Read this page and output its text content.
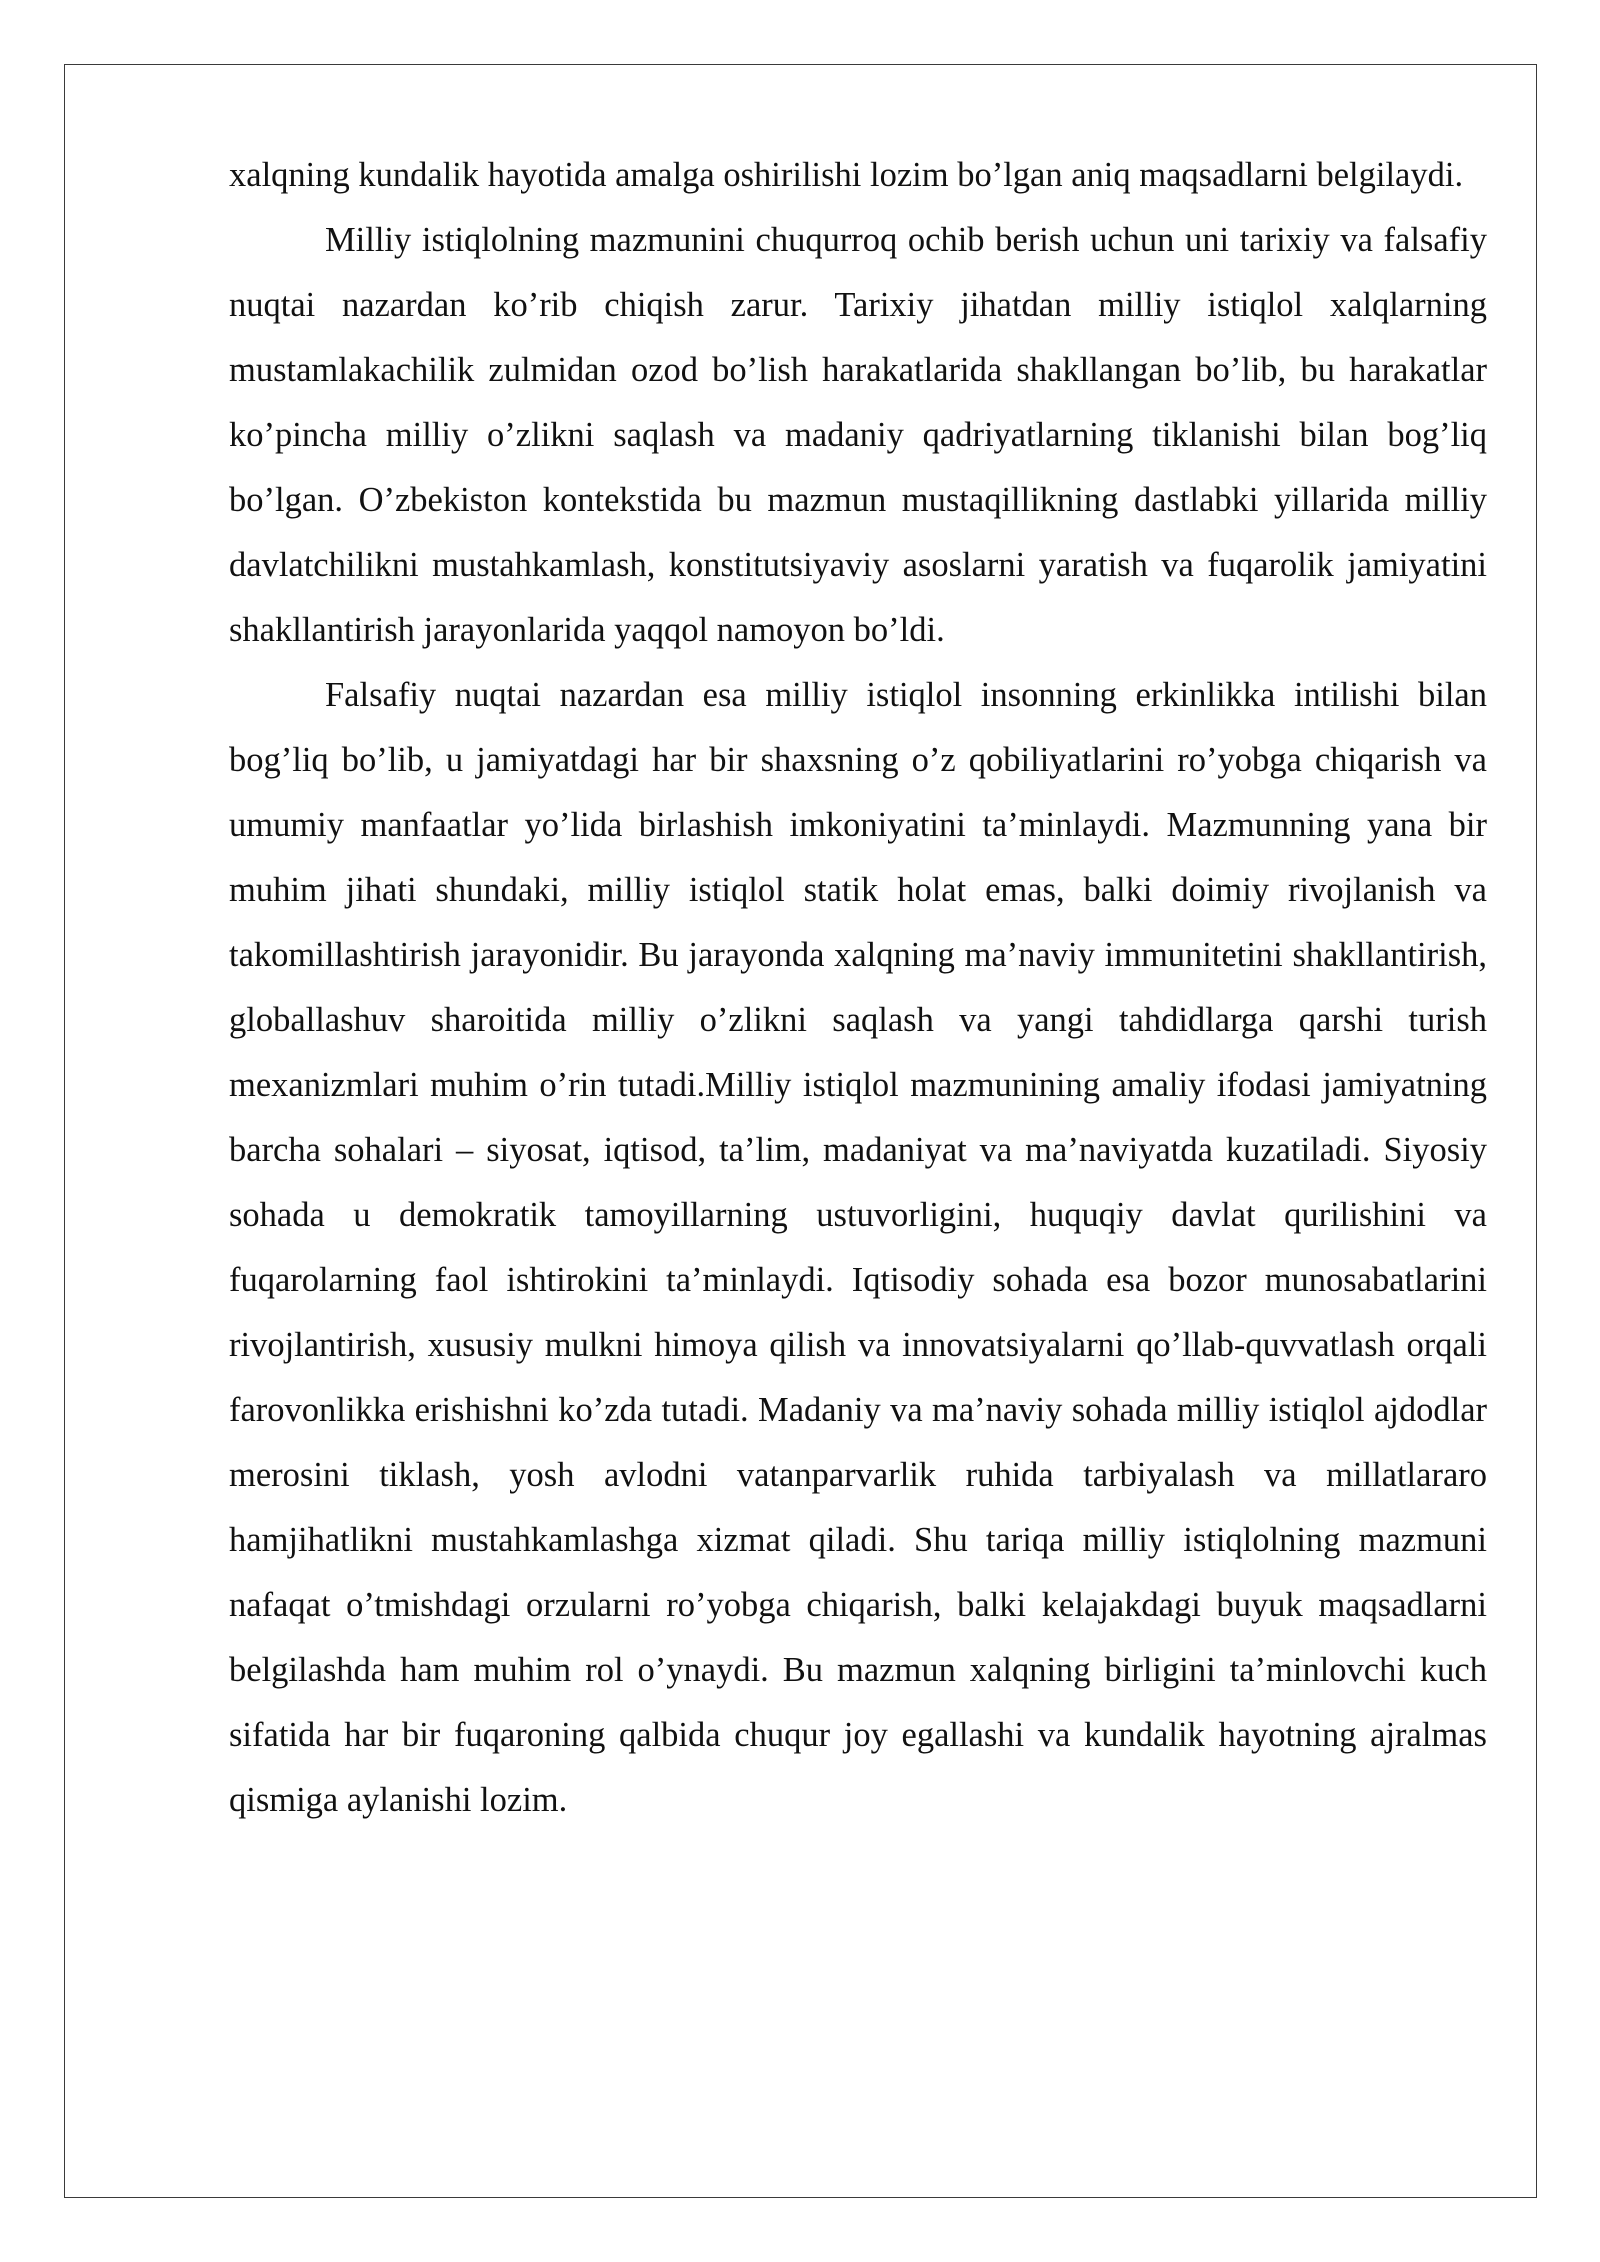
xalqning kundalik hayotida amalga oshirilishi lozim bo’lgan aniq maqsadlarni belgilaydi.

Milliy istiqlolning mazmunini chuqurroq ochib berish uchun uni tarixiy va falsafiy nuqtai nazardan ko’rib chiqish zarur. Tarixiy jihatdan milliy istiqlol xalqlarning mustamlakachilik zulmidan ozod bo’lish harakatlarida shakllangan bo’lib, bu harakatlar ko’pincha milliy o’zlikni saqlash va madaniy qadriyatlarning tiklanishi bilan bog’liq bo’lgan. O’zbekiston kontekstida bu mazmun mustaqillikning dastlabki yillarida milliy davlatchilikni mustahkamlash, konstitutsiyaviy asoslarni yaratish va fuqarolik jamiyatini shakllantirish jarayonlarida yaqqol namoyon bo’ldi.

Falsafiy nuqtai nazardan esa milliy istiqlol insonning erkinlikka intilishi bilan bog’liq bo’lib, u jamiyatdagi har bir shaxsning o’z qobiliyatlarini ro’yobga chiqarish va umumiy manfaatlar yo’lida birlashish imkoniyatini ta’minlaydi. Mazmunning yana bir muhim jihati shundaki, milliy istiqlol statik holat emas, balki doimiy rivojlanish va takomillashtirish jarayonidir. Bu jarayonda xalqning ma’naviy immunitetini shakllantirish, globallashuv sharoitida milliy o’zlikni saqlash va yangi tahdidlarga qarshi turish mexanizmlari muhim o’rin tutadi.Milliy istiqlol mazmunining amaliy ifodasi jamiyatning barcha sohalari – siyosat, iqtisod, ta’lim, madaniyat va ma’naviyatda kuzatiladi. Siyosiy sohada u demokratik tamoyillarning ustuvorligini, huquqiy davlat qurilishini va fuqarolarning faol ishtirokini ta’minlaydi. Iqtisodiy sohada esa bozor munosabatlarini rivojlantirish, xususiy mulkni himoya qilish va innovatsiyalarni qo’llab-quvvatlash orqali farovonlikka erishishni ko’zda tutadi. Madaniy va ma’naviy sohada milliy istiqlol ajdodlar merosini tiklash, yosh avlodni vatanparvarlik ruhida tarbiyalash va millatlararo hamjihatlikni mustahkamlashga xizmat qiladi. Shu tariqa milliy istiqlolning mazmuni nafaqat o’tmishdagi orzularni ro’yobga chiqarish, balki kelajakdagi buyuk maqsadlarni belgilashda ham muhim rol o’ynaydi. Bu mazmun xalqning birligini ta’minlovchi kuch sifatida har bir fuqaroning qalbida chuqur joy egallashi va kundalik hayotning ajralmas qismiga aylanishi lozim.
